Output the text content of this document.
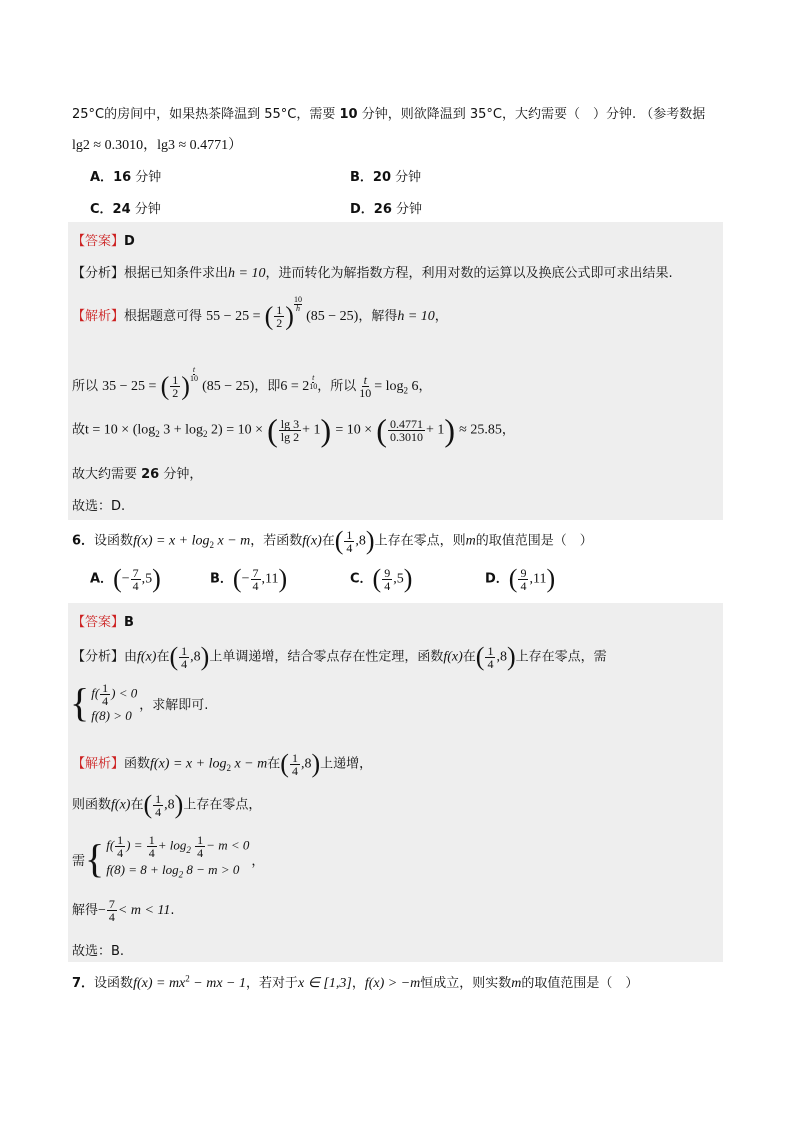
25°C的房间中，如果热茶降温到 55°C，需要 10 分钟，则欲降温到 35°C，大约需要（　）分钟. （参考数据
lg2 ≈ 0.3010，lg3 ≈ 0.4771）
A．16 分钟	B．20 分钟
C．24 分钟	D．26 分钟
【答案】D
【分析】根据已知条件求出h = 10，进而转化为解指数方程，利用对数的运算以及换底公式即可求出结果.
【解析】根据题意可得 55 − 25 = ( $\frac{1}{2}$ ) $^{\frac{10}{h}}$
(85 − 25)，解得h = 10，
所以 35 − 25 = ( $\frac{1}{2}$ ) $^{\frac{t}{10}}$
(85 − 25)，即6 = 2 $^{\frac{t}{10}}$ ，所以 $\frac{t}{10} = \log_2 6$，
故$t = 10 \times (\log_2$ $3 + \log_2 2) = 10$ × ( $\frac{\lg 3}{\lg 2} + 1) = 10$ × ( $\frac{0.4771}{0.3010} + 1) \approx 25.85$，
故大约需要 26 分钟，
故选：D.
6．设函数$f(x) = x + \log_2 x - m$，若函数f(x)在( $\frac{1}{4} ,8$)上存在零点，则m的取值范围是（　）
A．(− $\frac{7}{4} ,5$)	B．(− $\frac{7}{4} ,11$)	C．( $\frac{9}{4} ,5$)	D．( $\frac{9}{4} ,11$)
【答案】B
【分析】由f(x)在( $\frac{1}{4} ,8$)上单调递增，结合零点存在性定理，函数f(x)在( $\frac{1}{4} ,8$)上存在零点，需
{ $f( \frac{1}{4}$ ) < 0
f(8) > 0
，求解即可.
【解析】函数$f(x) = x + \log_2 x - m$在( $\frac{1}{4} ,8$)上递增，
则函数f(x)在( $\frac{1}{4} ,8$)上存在零点，
需 { $f( \frac{1}{4}$ ) = $\frac{1}{4} + \log_2 \frac{1}{4} - m < 0$
$f(8) = 8 + \log_2 8 - m > 0$
，
解得− $\frac{7}{4} < m < 11$.
故选：B.
7．设函数$f(x) = mx^2$ − mx − 1，若对于x ∈ [1,3]，f(x) > −m恒成立，则实数m的取值范围是（　）
